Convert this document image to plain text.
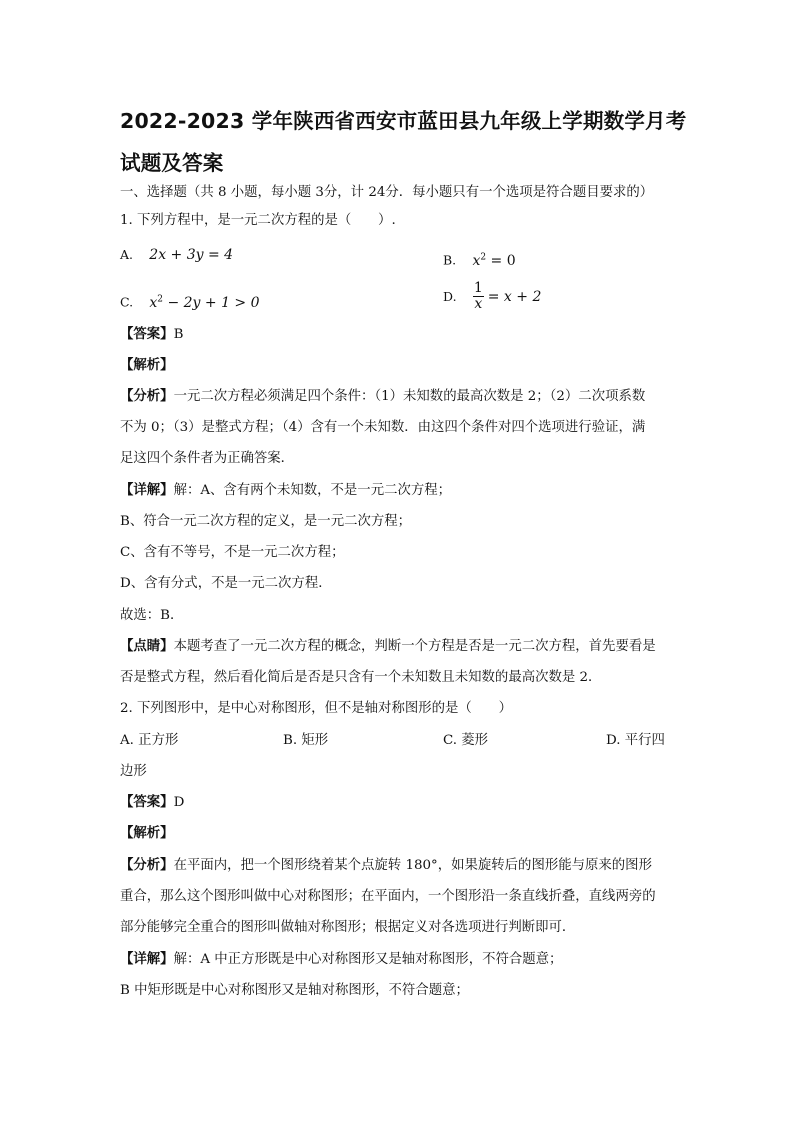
2022-2023 学年陕西省西安市蓝田县九年级上学期数学月考
试题及答案
一、选择题（共 8 小题，每小题 3分，计 24分．每小题只有一个选项是符合题目要求的）
1. 下列方程中，是一元二次方程的是（　　）.
A. 2x + 3y = 4	B. $x^2 = 0$
C. $x^2 - 2y + 1 > 0$	D. $\frac{1}{x} = x + 2$
【答案】B
【解析】
【分析】一元二次方程必须满足四个条件：（1）未知数的最高次数是 2；（2）二次项系数
不为 0；（3）是整式方程；（4）含有一个未知数．由这四个条件对四个选项进行验证，满
足这四个条件者为正确答案．
【详解】解：A、含有两个未知数，不是一元二次方程；
B、符合一元二次方程的定义，是一元二次方程；
C、含有不等号，不是一元二次方程；
D、含有分式，不是一元二次方程．
故选：B．
【点睛】本题考查了一元二次方程的概念，判断一个方程是否是一元二次方程，首先要看是
否是整式方程，然后看化简后是否是只含有一个未知数且未知数的最高次数是 2．
2. 下列图形中，是中心对称图形，但不是轴对称图形的是（　　）
A. 正方形	B. 矩形	C. 菱形	D. 平行四
边形
【答案】D
【解析】
【分析】在平面内，把一个图形绕着某个点旋转 180°，如果旋转后的图形能与原来的图形
重合，那么这个图形叫做中心对称图形；在平面内，一个图形沿一条直线折叠，直线两旁的
部分能够完全重合的图形叫做轴对称图形；根据定义对各选项进行判断即可．
【详解】解：A 中正方形既是中心对称图形又是轴对称图形，不符合题意；
B 中矩形既是中心对称图形又是轴对称图形，不符合题意；
